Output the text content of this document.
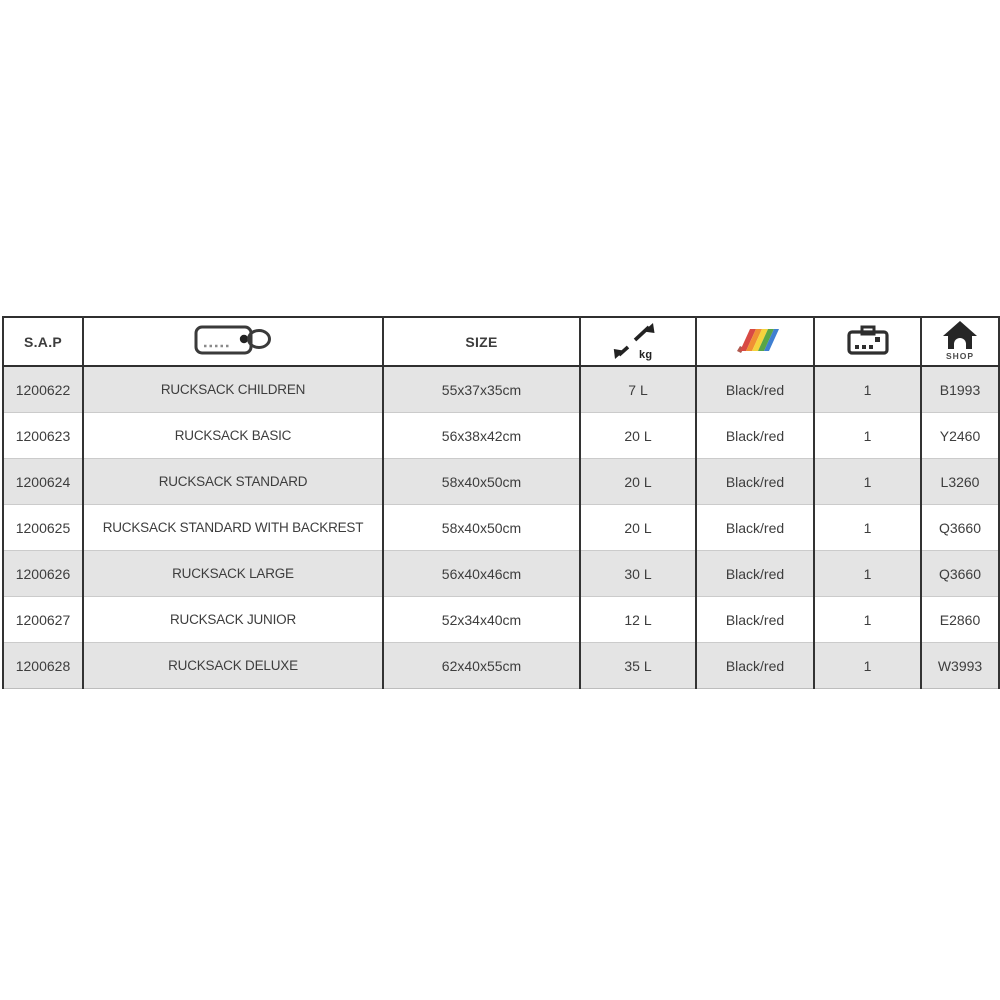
S.A.P		SIZE	kg			SHOP

1200622	RUCKSACK CHILDREN	55x37x35cm	7 L	Black/red	1	B1993
1200623	RUCKSACK BASIC	56x38x42cm	20 L	Black/red	1	Y2460
1200624	RUCKSACK STANDARD	58x40x50cm	20 L	Black/red	1	L3260
1200625	RUCKSACK STANDARD WITH BACKREST	58x40x50cm	20 L	Black/red	1	Q3660
1200626	RUCKSACK LARGE	56x40x46cm	30 L	Black/red	1	Q3660
1200627	RUCKSACK JUNIOR	52x34x40cm	12 L	Black/red	1	E2860
1200628	RUCKSACK DELUXE	62x40x55cm	35 L	Black/red	1	W3993
